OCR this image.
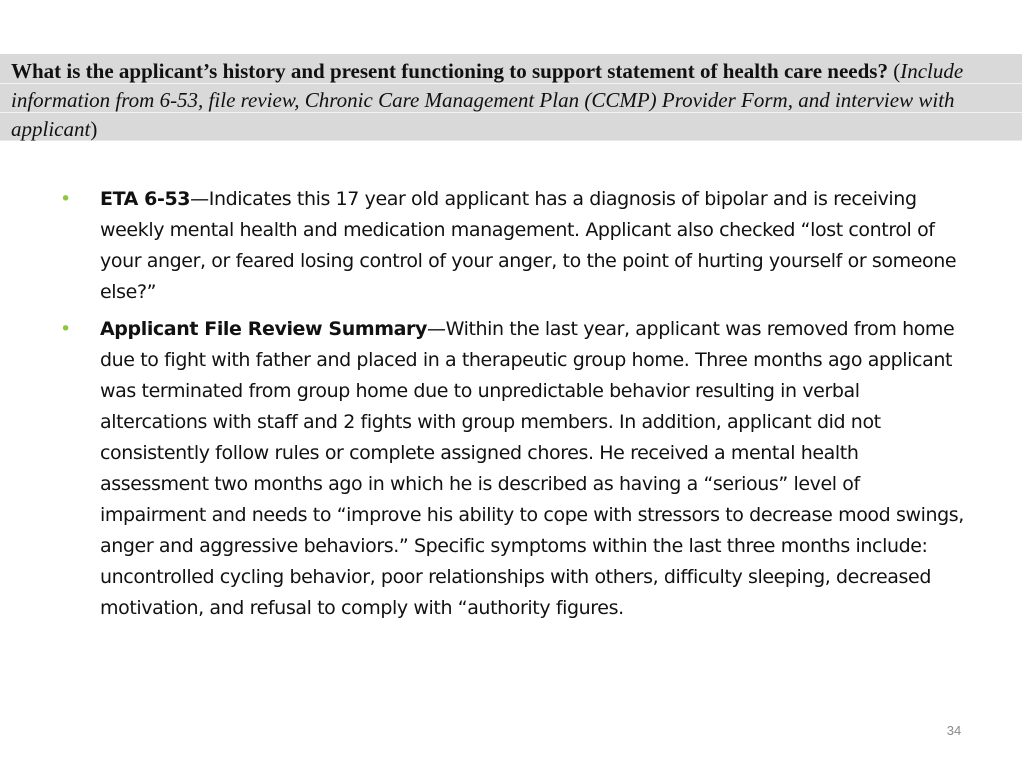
What is the applicant’s history and present functioning to support statement of health care needs? (Include information from 6-53, file review, Chronic Care Management Plan (CCMP) Provider Form, and interview with applicant)

• ETA 6-53—Indicates this 17 year old applicant has a diagnosis of bipolar and is receiving weekly mental health and medication management. Applicant also checked “lost control of your anger, or feared losing control of your anger, to the point of hurting yourself or someone else?”
• Applicant File Review Summary—Within the last year, applicant was removed from home due to fight with father and placed in a therapeutic group home. Three months ago applicant was terminated from group home due to unpredictable behavior resulting in verbal altercations with staff and 2 fights with group members. In addition, applicant did not consistently follow rules or complete assigned chores. He received a mental health assessment two months ago in which he is described as having a “serious” level of impairment and needs to “improve his ability to cope with stressors to decrease mood swings, anger and aggressive behaviors.” Specific symptoms within the last three months include: uncontrolled cycling behavior, poor relationships with others, difficulty sleeping, decreased motivation, and refusal to comply with “authority figures.
34
